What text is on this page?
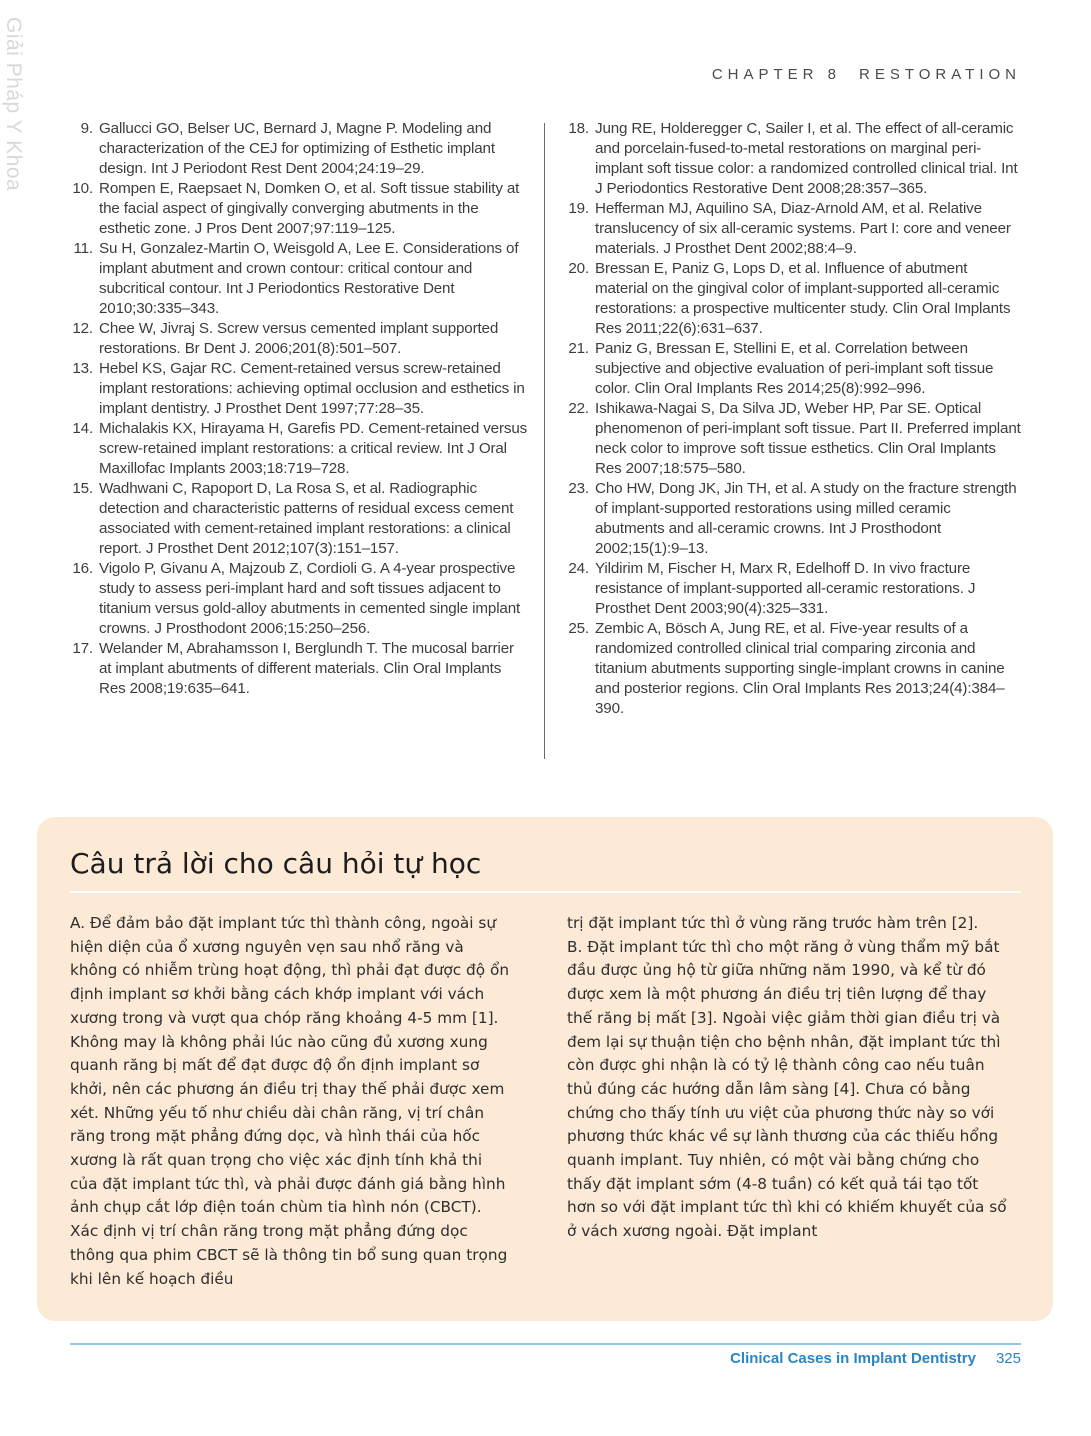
Giải Pháp Y Khoa	CHAPTER 8 RESTORATION
9. Gallucci GO, Belser UC, Bernard J, Magne P. Modeling and characterization of the CEJ for optimizing of Esthetic implant design. Int J Periodont Rest Dent 2004;24:19–29.
10. Rompen E, Raepsaet N, Domken O, et al. Soft tissue stability at the facial aspect of gingivally converging abutments in the esthetic zone. J Pros Dent 2007;97:119–125.
11. Su H, Gonzalez-Martin O, Weisgold A, Lee E. Considerations of implant abutment and crown contour: critical contour and subcritical contour. Int J Periodontics Restorative Dent 2010;30:335–343.
12. Chee W, Jivraj S. Screw versus cemented implant supported restorations. Br Dent J. 2006;201(8):501–507.
13. Hebel KS, Gajar RC. Cement-retained versus screw-retained implant restorations: achieving optimal occlusion and esthetics in implant dentistry. J Prosthet Dent 1997;77:28–35.
14. Michalakis KX, Hirayama H, Garefis PD. Cement-retained versus screw-retained implant restorations: a critical review. Int J Oral Maxillofac Implants 2003;18:719–728.
15. Wadhwani C, Rapoport D, La Rosa S, et al. Radiographic detection and characteristic patterns of residual excess cement associated with cement-retained implant restorations: a clinical report. J Prosthet Dent 2012;107(3):151–157.
16. Vigolo P, Givanu A, Majzoub Z, Cordioli G. A 4-year prospective study to assess peri-implant hard and soft tissues adjacent to titanium versus gold-alloy abutments in cemented single implant crowns. J Prosthodont 2006;15:250–256.
17. Welander M, Abrahamsson I, Berglundh T. The mucosal barrier at implant abutments of different materials. Clin Oral Implants Res 2008;19:635–641.
18. Jung RE, Holderegger C, Sailer I, et al. The effect of all-ceramic and porcelain-fused-to-metal restorations on marginal peri-implant soft tissue color: a randomized controlled clinical trial. Int J Periodontics Restorative Dent 2008;28:357–365.
19. Hefferman MJ, Aquilino SA, Diaz-Arnold AM, et al. Relative translucency of six all-ceramic systems. Part I: core and veneer materials. J Prosthet Dent 2002;88:4–9.
20. Bressan E, Paniz G, Lops D, et al. Influence of abutment material on the gingival color of implant-supported all-ceramic restorations: a prospective multicenter study. Clin Oral Implants Res 2011;22(6):631–637.
21. Paniz G, Bressan E, Stellini E, et al. Correlation between subjective and objective evaluation of peri-implant soft tissue color. Clin Oral Implants Res 2014;25(8):992–996.
22. Ishikawa-Nagai S, Da Silva JD, Weber HP, Par SE. Optical phenomenon of peri-implant soft tissue. Part II. Preferred implant neck color to improve soft tissue esthetics. Clin Oral Implants Res 2007;18:575–580.
23. Cho HW, Dong JK, Jin TH, et al. A study on the fracture strength of implant-supported restorations using milled ceramic abutments and all-ceramic crowns. Int J Prosthodont 2002;15(1):9–13.
24. Yildirim M, Fischer H, Marx R, Edelhoff D. In vivo fracture resistance of implant-supported all-ceramic restorations. J Prosthet Dent 2003;90(4):325–331.
25. Zembic A, Bösch A, Jung RE, et al. Five-year results of a randomized controlled clinical trial comparing zirconia and titanium abutments supporting single-implant crowns in canine and posterior regions. Clin Oral Implants Res 2013;24(4):384–390.
Câu trả lời cho câu hỏi tự học

A. Để đảm bảo đặt implant tức thì thành công, ngoài sự hiện diện của ổ xương nguyên vẹn sau nhổ răng và không có nhiễm trùng hoạt động, thì phải đạt được độ ổn định implant sơ khởi bằng cách khớp implant với vách xương trong và vượt qua chóp răng khoảng 4-5 mm [1]. Không may là không phải lúc nào cũng đủ xương xung quanh răng bị mất để đạt được độ ổn định implant sơ khởi, nên các phương án điều trị thay thế phải được xem xét. Những yếu tố như chiều dài chân răng, vị trí chân răng trong mặt phẳng đứng dọc, và hình thái của hốc xương là rất quan trọng cho việc xác định tính khả thi của đặt implant tức thì, và phải được đánh giá bằng hình ảnh chụp cắt lớp điện toán chùm tia hình nón (CBCT). Xác định vị trí chân răng trong mặt phẳng đứng dọc thông qua phim CBCT sẽ là thông tin bổ sung quan trọng khi lên kế hoạch điều

trị đặt implant tức thì ở vùng răng trước hàm trên [2].

B. Đặt implant tức thì cho một răng ở vùng thẩm mỹ bắt đầu được ủng hộ từ giữa những năm 1990, và kể từ đó được xem là một phương án điều trị tiên lượng để thay thế răng bị mất [3]. Ngoài việc giảm thời gian điều trị và đem lại sự thuận tiện cho bệnh nhân, đặt implant tức thì còn được ghi nhận là có tỷ lệ thành công cao nếu tuân thủ đúng các hướng dẫn lâm sàng [4]. Chưa có bằng chứng cho thấy tính ưu việt của phương thức này so với phương thức khác về sự lành thương của các thiếu hổng quanh implant. Tuy nhiên, có một vài bằng chứng cho thấy đặt implant sớm (4-8 tuần) có kết quả tái tạo tốt hơn so với đặt implant tức thì khi có khiếm khuyết của sổ ở vách xương ngoài. Đặt implant

Clinical Cases in Implant Dentistry 325
